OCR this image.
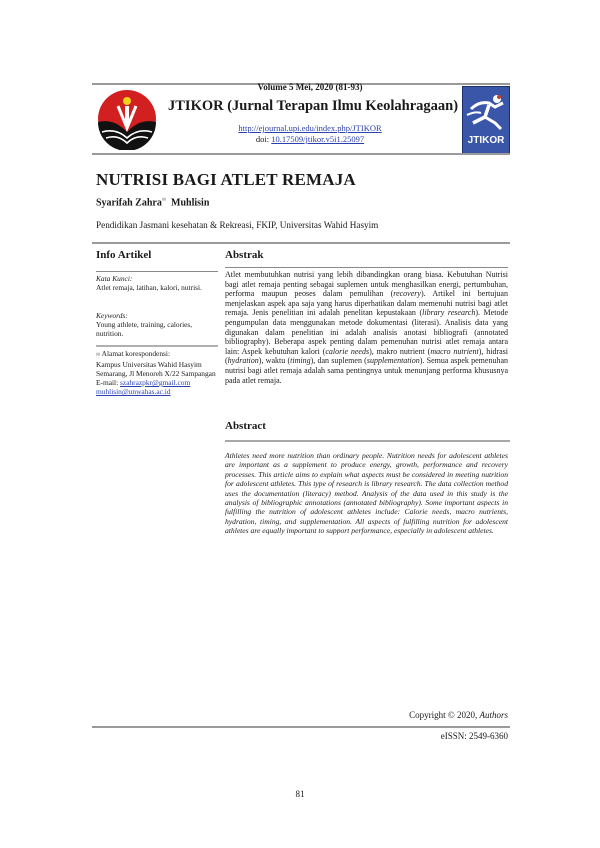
Volume 5 Mei, 2020 (81-93)
JTIKOR (Jurnal Terapan Ilmu Keolahragaan)
http://ejournal.upi.edu/index.php/JTIKOR
doi: 10.17509/jtikor.v5i1.25097	JTIKOR
NUTRISI BAGI ATLET REMAJA
Syarifah Zahra✉ Muhlisin
Pendidikan Jasmani kesehatan & Rekreasi, FKIP, Universitas Wahid Hasyim
Info Artikel
Kata Kunci:
Atlet remaja, latihan, kalori, nutrisi.
Keywords:
Young athlete, training, calories, nutrition.
✉ Alamat korespondensi:
Kampus Universitas Wahid Hasyim Semarang, Jl Menoreh X/22 Sampangan
E-mail: szahrazpkr@gmail.com
muhlisin@unwahas.ac.id
Abstrak
Atlet membutuhkan nutrisi yang lebih dibandingkan orang biasa. Kebutuhan Nutrisi bagi atlet remaja penting sebagai suplemen untuk menghasilkan energi, pertumbuhan, performa maupun peoses dalam pemulihan (recovery). Artikel ini bertujuan menjelaskan aspek apa saja yang harus diperhatikan dalam memenuhi nutrisi bagi atlet remaja. Jenis penelitian ini adalah penelitan kepustakaan (library research). Metode pengumpulan data menggunakan metode dokumentasi (literasi). Analisis data yang digunakan dalam penelitian ini adalah analisis anotasi bibliografi (annotated bibliography). Beberapa aspek penting dalam pemenuhan nutrisi atlet remaja antara lain: Aspek kebutuhan kalori (calorie needs), makro nutrient (macro nutrient), hidrasi (hydration), waktu (timing), dan suplemen (supplementation). Semua aspek pemenuhan nutrisi bagi atlet remaja adalah sama pentingnya untuk menunjang performa khususnya pada atlet remaja.
Abstract
Athletes need more nutrition than ordinary people. Nutrition needs for adolescent athletes are important as a supplement to produce energy, growth, performance and recovery processes. This article aims to explain what aspects must be considered in meeting nutrition for adolescent athletes. This type of research is library research. The data collection method uses the documentation (literacy) method. Analysis of the data used in this study is the analysis of bibliographic annotations (annotated bibliography). Some important aspects in fulfilling the nutrition of adolescent athletes include: Calorie needs, macro nutrients, hydration, timing, and supplementation. All aspects of fulfilling nutrition for adolescent athletes are equally important to support performance, especially in adolescent athletes.
Copyright © 2020, Authors
eISSN: 2549-6360
81
